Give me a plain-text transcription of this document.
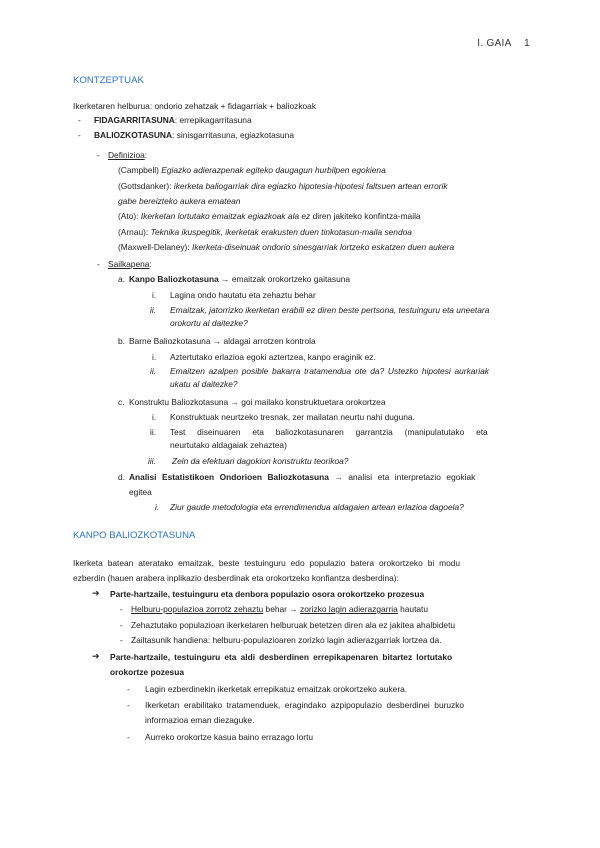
I. GAIA 1
KONTZEPTUAK
Ikerketaren helburua: ondorio zehatzak + fidagarriak + baliozkoak
- FIDAGARRITASUNA: errepikagarritasuna
- BALIOZKOTASUNA: sinisgarritasuna, egiazkotasuna
- Definizioa:
(Campbell) Egiazko adierazpenak egiteko daugagun hurbilpen egokiena
(Gottsdanker): ikerketa baliogarriak dira egiazko hipotesia-hipotesi faltsuen artean errorik
gabe bereizteko aukera ematean
(Ato): Ikerketan lortutako emaitzak egiazkoak ala ez diren jakiteko konfintza-maila
(Arnau): Teknika ikuspegitik, ikerketak erakusten duen tinkotasun-maila sendoa
(Maxwell-Delaney): Ikerketa-diseinuak ondorio sinesgarriak lortzeko eskatzen duen aukera
- Sailkapena:
a. Kanpo Baliozkotasuna → emaitzak orokortzeko gaitasuna
i. Lagina ondo hautatu eta zehaztu behar
ii. Emaitzak, jatorrizko ikerketan erabili ez diren beste pertsona, testuinguru eta uneetara
orokortu al daitezke?
b. Barne Baliozkotasuna → aldagai arrotzen kontrola
i. Aztertutako erlazioa egoki aztertzea, kanpo eraginik ez.
ii. Emaitzen azalpen posible bakarra tratamendua ote da? Ustezko hipotesi aurkariak
ukatu al daitezke?
c. Konstruktu Baliozkotasuna → goi mailako konstruktuetara orokortzea
i. Konstruktuak neurtzeko tresnak, zer mailatan neurtu nahi duguna.
ii. Test diseinuaren eta baliozkotasunaren garrantzia (manipulatutako eta
neurtutako aldagaiak zehaztea)
iii. Zein da efektuari dagokion konstruktu teorikoa?
d. Analisi Estatistikoen Ondorioen Baliozkotasuna → analisi eta interpretazio egokiak
egitea
i. Ziur gaude metodologia eta errendimendua aldagaien artean erlazioa dagoela?
KANPO BALIOZKOTASUNA
Ikerketa batean ateratako emaitzak, beste testuinguru edo populazio batera orokortzeko bi modu
ezberdin (hauen arabera inplikazio desberdinak eta orokortzeko konfiantza desberdina):
➔ Parte-hartzaile, testuinguru eta denbora populazio osora orokortzeko prozesua
- Helburu-populazioa zorrotz zehaztu behar → zorizko lagin adierazgarria hautatu
- Zehaztutako populazioan ikerketaren helburuak betetzen diren ala ez jakitea ahalbidetu
- Zailtasunik handiena: helburu-populazioaren zorizko lagin adierazgarriak lortzea da.
➔ Parte-hartzaile, testuinguru eta aldi desberdinen errepikapenaren bitartez lortutako
orokortze pozesua
- Lagin ezberdinekin ikerketak errepikatuz emaitzak orokortzeko aukera.
- Ikerketan erabilitako tratamenduek, eragindako azpipopulazio desberdinei buruzko
informazioa eman diezaguke.
- Aurreko orokortze kasua baino errazago lortu
